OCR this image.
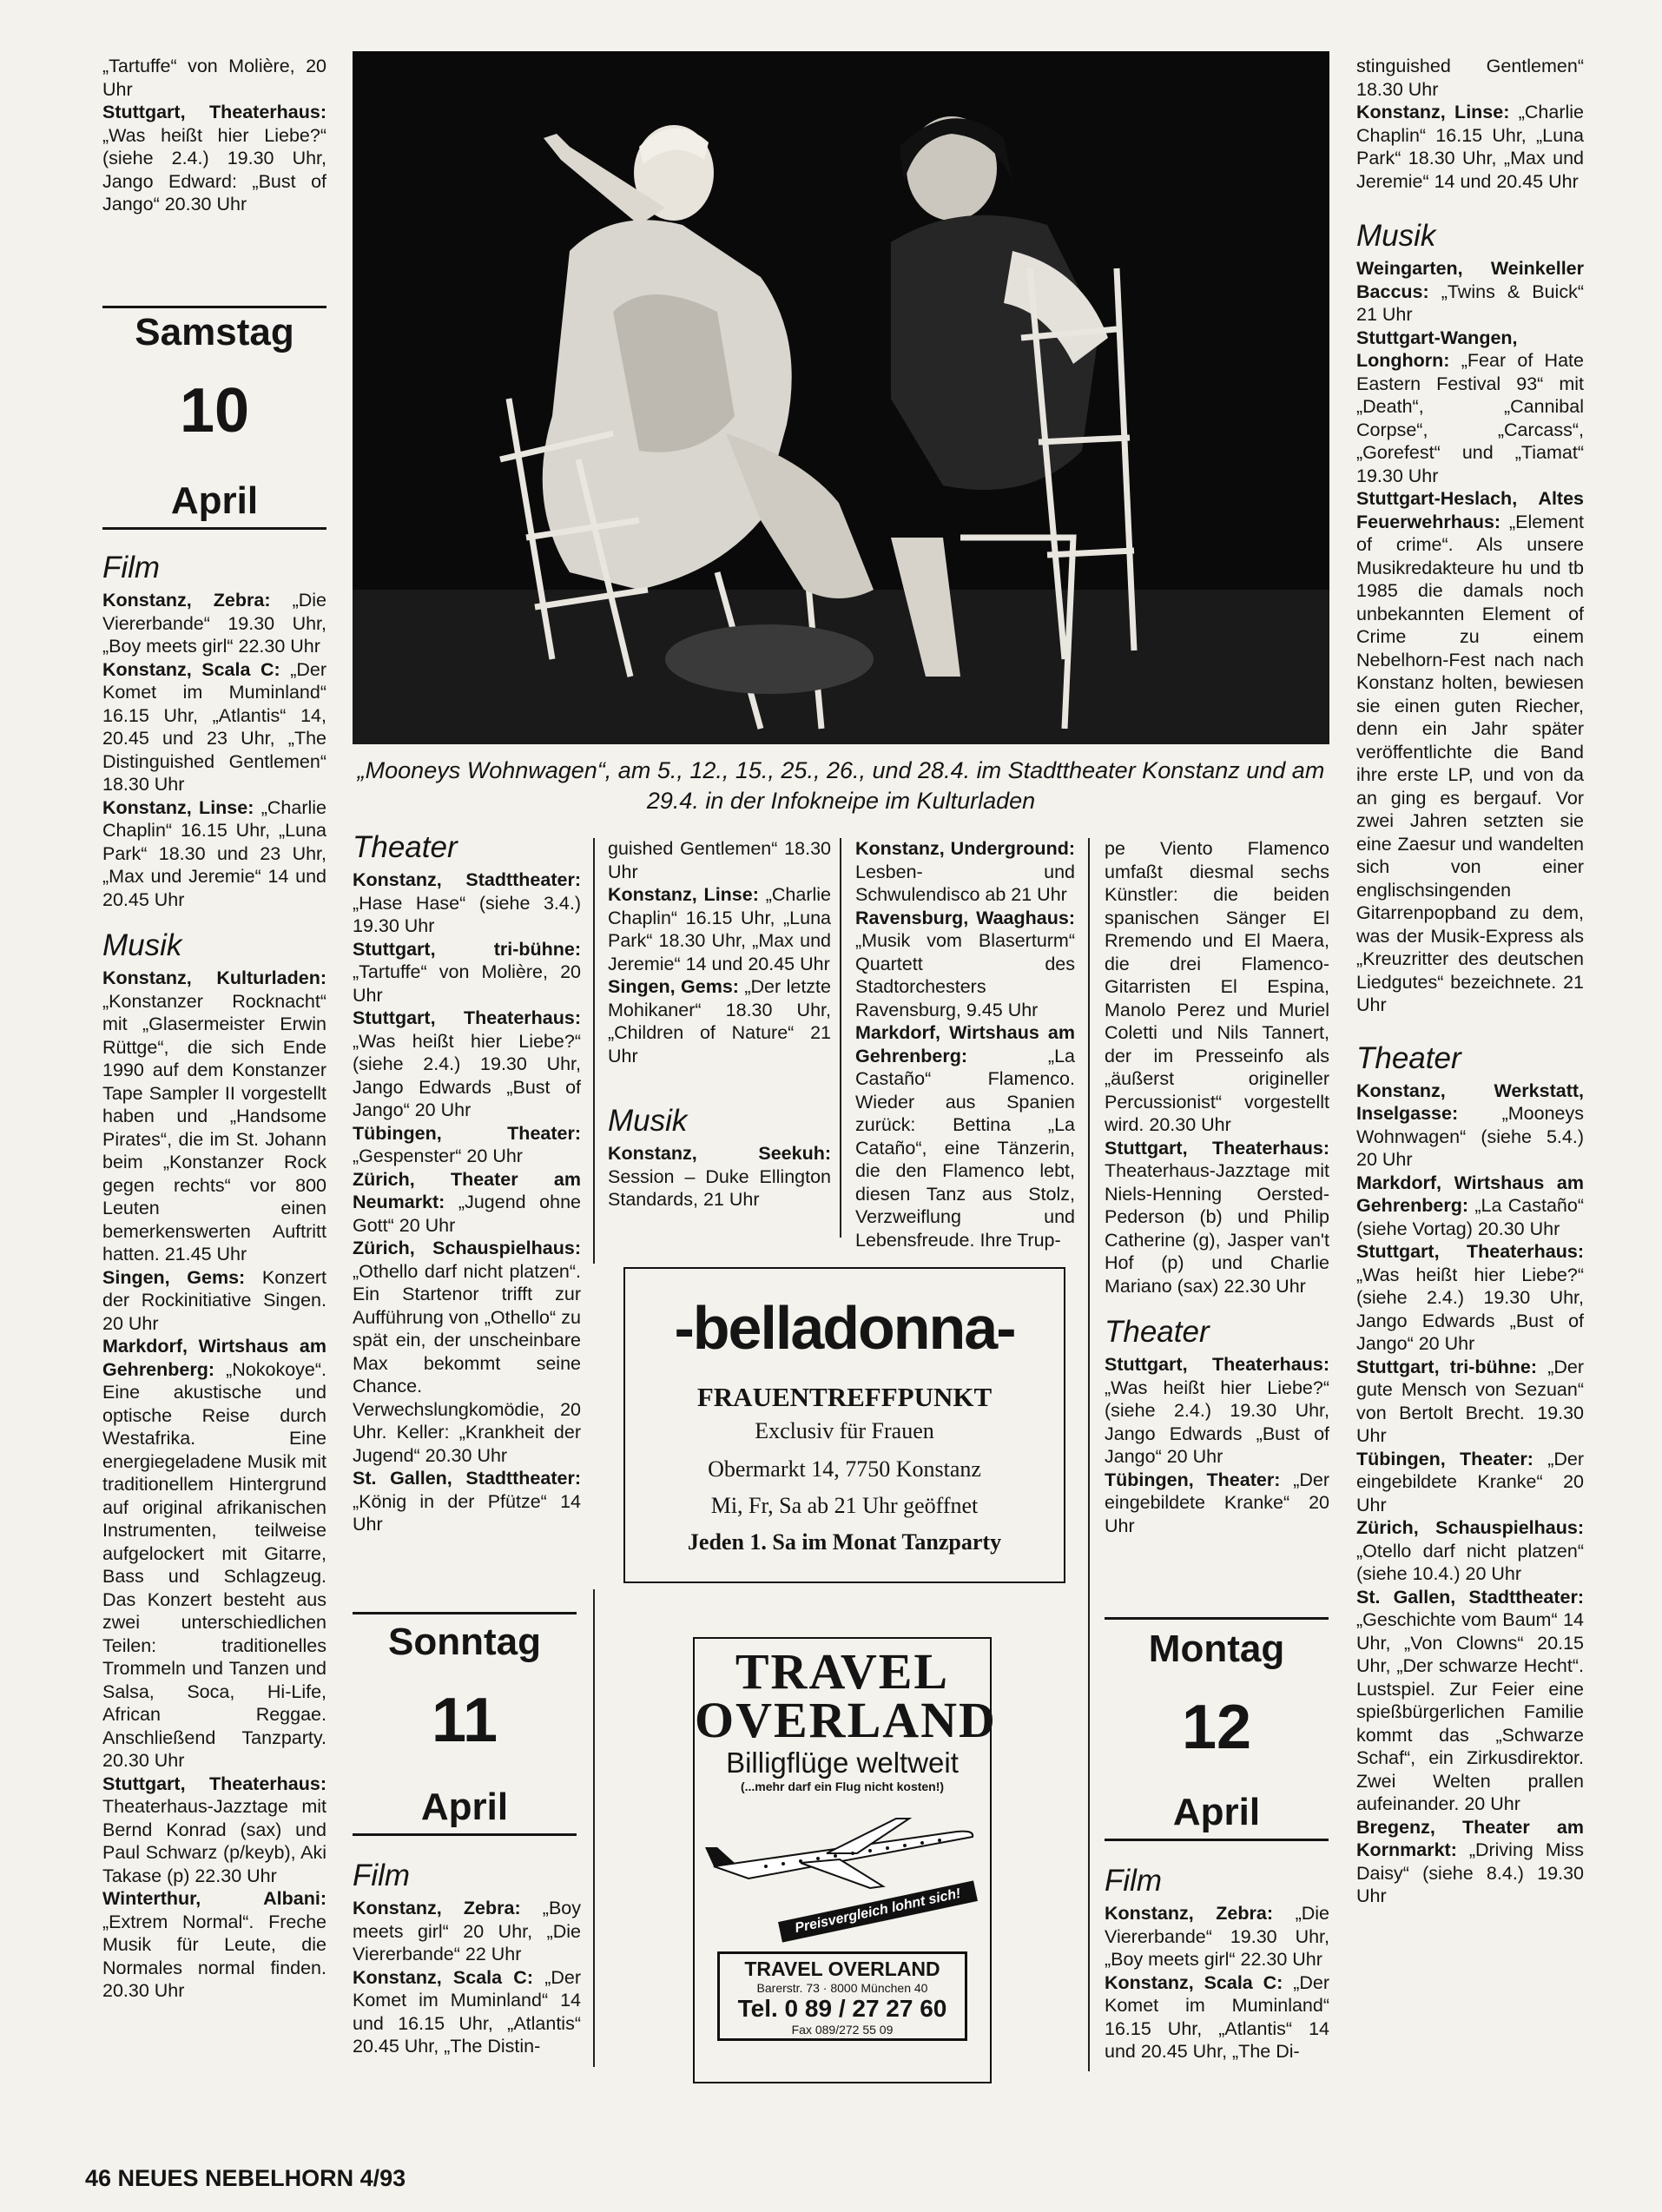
„Tartuffe“ von Molière, 20 Uhr
Stuttgart, Theaterhaus: „Was heißt hier Liebe?“ (siehe 2.4.) 19.30 Uhr, Jango Edward: „Bust of Jango“ 20.30 Uhr

Samstag
10
April
Film

Konstanz, Zebra: „Die Viererbande“ 19.30 Uhr, „Boy meets girl“ 22.30 Uhr

Konstanz, Scala C: „Der Komet im Muminland“ 16.15 Uhr, „Atlantis“ 14, 20.45 und 23 Uhr, „The Distinguished Gentlemen“ 18.30 Uhr

Konstanz, Linse: „Charlie Chaplin“ 16.15 Uhr, „Luna Park“ 18.30 und 23 Uhr, „Max und Jeremie“ 14 und 20.45 Uhr

Musik

Konstanz, Kulturladen: „Konstanzer Rocknacht“ mit „Glasermeister Erwin Rüttge“, die sich Ende 1990 auf dem Konstanzer Tape Sampler II vorgestellt haben und „Handsome Pirates“, die im St. Johann beim „Konstanzer Rock gegen rechts“ vor 800 Leuten einen bemerkenswerten Auftritt hatten. 21.45 Uhr

Singen, Gems: Konzert der Rockinitiative Singen. 20 Uhr

Markdorf, Wirtshaus am Gehrenberg: „Nokokoye“. Eine akustische und optische Reise durch Westafrika. Eine energiegeladene Musik mit traditionellem Hintergrund auf original afrikanischen Instrumenten, teilweise aufgelockert mit Gitarre, Bass und Schlagzeug. Das Konzert besteht aus zwei unterschiedlichen Teilen: traditionelles Trommeln und Tanzen und Salsa, Soca, Hi-Life, African Reggae. Anschließend Tanzparty. 20.30 Uhr

Stuttgart, Theaterhaus: Theaterhaus-Jazztage mit Bernd Konrad (sax) und Paul Schwarz (p/keyb), Aki Takase (p) 22.30 Uhr

Winterthur, Albani: „Extrem Normal“. Freche Musik für Leute, die Normales normal finden. 20.30 Uhr

„Mooneys Wohnwagen“, am 5., 12., 15., 25., 26., und 28.4. im Stadttheater Konstanz und am 29.4. in der Infokneipe im Kulturladen
Theater

Konstanz, Stadttheater: „Hase Hase“ (siehe 3.4.) 19.30 Uhr

Stuttgart, tri-bühne: „Tartuffe“ von Molière, 20 Uhr

Stuttgart, Theaterhaus: „Was heißt hier Liebe?“ (siehe 2.4.) 19.30 Uhr, Jango Edwards „Bust of Jango“ 20 Uhr

Tübingen, Theater: „Gespenster“ 20 Uhr

Zürich, Theater am Neumarkt: „Jugend ohne Gott“ 20 Uhr

Zürich, Schauspielhaus: „Othello darf nicht platzen“. Ein Startenor trifft zur Aufführung von „Othello“ zu spät ein, der unscheinbare Max bekommt seine Chance. Verwechslungkomödie, 20 Uhr. Keller: „Krankheit der Jugend“ 20.30 Uhr

St. Gallen, Stadttheater: „König in der Pfütze“ 14 Uhr

Sonntag
11
April
Film

Konstanz, Zebra: „Boy meets girl“ 20 Uhr, „Die Viererbande“ 22 Uhr

Konstanz, Scala C: „Der Komet im Muminland“ 14 und 16.15 Uhr, „Atlantis“ 20.45 Uhr, „The Distin-

guished Gentlemen“ 18.30 Uhr

Konstanz, Linse: „Charlie Chaplin“ 16.15 Uhr, „Luna Park“ 18.30 Uhr, „Max und Jeremie“ 14 und 20.45 Uhr

Singen, Gems: „Der letzte Mohikaner“ 18.30 Uhr, „Children of Nature“ 21 Uhr

Musik

Konstanz, Seekuh: Session – Duke Ellington Standards, 21 Uhr

Konstanz, Underground: Lesben- und Schwulendisco ab 21 Uhr

Ravensburg, Waaghaus: „Musik vom Blaserturm“ Quartett des Stadtorchesters Ravensburg, 9.45 Uhr

Markdorf, Wirtshaus am Gehrenberg:	„La Castaño“ Flamenco. Wieder aus Spanien zurück: Bettina „La Cataño“, eine Tänzerin, die den Flamenco lebt, diesen Tanz aus Stolz, Verzweiflung und Lebensfreude. Ihre Trup-

pe Viento Flamenco umfaßt diesmal sechs Künstler: die beiden spanischen Sänger El Rremendo und El Maera, die drei Flamenco-Gitarristen El Espina, Manolo Perez und Muriel Coletti und Nils Tannert, der im Presseinfo als „äußerst origineller Percussionist“ vorgestellt wird. 20.30 Uhr

Stuttgart, Theaterhaus: Theaterhaus-Jazztage mit Niels-Henning Oersted-Pederson (b) und Philip Catherine (g), Jasper van't Hof (p) und Charlie Mariano (sax) 22.30 Uhr

Theater

Stuttgart, Theaterhaus: „Was heißt hier Liebe?“ (siehe 2.4.) 19.30 Uhr, Jango Edwards „Bust of Jango“ 20 Uhr

Tübingen, Theater: „Der eingebildete Kranke“ 20 Uhr

Montag
12
April
Film

Konstanz, Zebra: „Die Viererbande“ 19.30 Uhr, „Boy meets girl“ 22.30 Uhr

Konstanz, Scala C: „Der Komet im Muminland“ 16.15 Uhr, „Atlantis“ 14 und 20.45 Uhr, „The Di-

stinguished Gentlemen“ 18.30 Uhr

Konstanz, Linse: „Charlie Chaplin“ 16.15 Uhr, „Luna Park“ 18.30 Uhr, „Max und Jeremie“ 14 und 20.45 Uhr

Musik

Weingarten, Weinkeller Baccus: „Twins & Buick“ 21 Uhr

Stuttgart-Wangen, Longhorn: „Fear of Hate Eastern Festival 93“ mit „Death“, „Cannibal Corpse“, „Carcass“, „Gorefest“ und „Tiamat“ 19.30 Uhr

Stuttgart-Heslach, Altes Feuerwehrhaus: „Element of crime“. Als unsere Musikredakteure hu und tb 1985 die damals noch unbekannten Element of Crime zu einem Nebelhorn-Fest nach nach Konstanz holten, bewiesen sie einen guten Riecher, denn ein Jahr später veröffentlichte die Band ihre erste LP, und von da an ging es bergauf. Vor zwei Jahren setzten sie eine Zaesur und wandelten sich von einer englischsingenden Gitarrenpopband zu dem, was der Musik-Express als „Kreuzritter des deutschen Liedgutes“ bezeichnete. 21 Uhr

Theater

Konstanz, Werkstatt, Inselgasse: „Mooneys Wohnwagen“ (siehe 5.4.) 20 Uhr

Markdorf, Wirtshaus am Gehrenberg: „La Castaño“ (siehe Vortag) 20.30 Uhr

Stuttgart, Theaterhaus: „Was heißt hier Liebe?“ (siehe 2.4.) 19.30 Uhr, Jango Edwards „Bust of Jango“ 20 Uhr

Stuttgart, tri-bühne: „Der gute Mensch von Sezuan“ von Bertolt Brecht. 19.30 Uhr

Tübingen, Theater: „Der eingebildete Kranke“ 20 Uhr

Zürich, Schauspielhaus: „Otello darf nicht platzen“ (siehe 10.4.) 20 Uhr

St. Gallen, Stadttheater: „Geschichte vom Baum“ 14 Uhr, „Von Clowns“ 20.15 Uhr, „Der schwarze Hecht“. Lustspiel. Zur Feier eine spießbürgerlichen Familie kommt das „Schwarze Schaf“, ein Zirkusdirektor. Zwei Welten prallen aufeinander. 20 Uhr

Bregenz, Theater am Kornmarkt: „Driving Miss Daisy“ (siehe 8.4.) 19.30 Uhr

-belladonna-
FRAUENTREFFPUNKT
Exclusiv für Frauen
Obermarkt 14, 7750 Konstanz
Mi, Fr, Sa ab 21 Uhr geöffnet
Jeden 1. Sa im Monat Tanzparty
TRAVEL
OVERLAND
Billigflüge weltweit
(...mehr darf ein Flug nicht kosten!)
Preisvergleich lohnt sich!
TRAVEL OVERLAND
Barerstr. 73 · 8000 München 40
Tel. 0 89 / 27 27 60
Fax 089/272 55 09
46 NEUES NEBELHORN 4/93
